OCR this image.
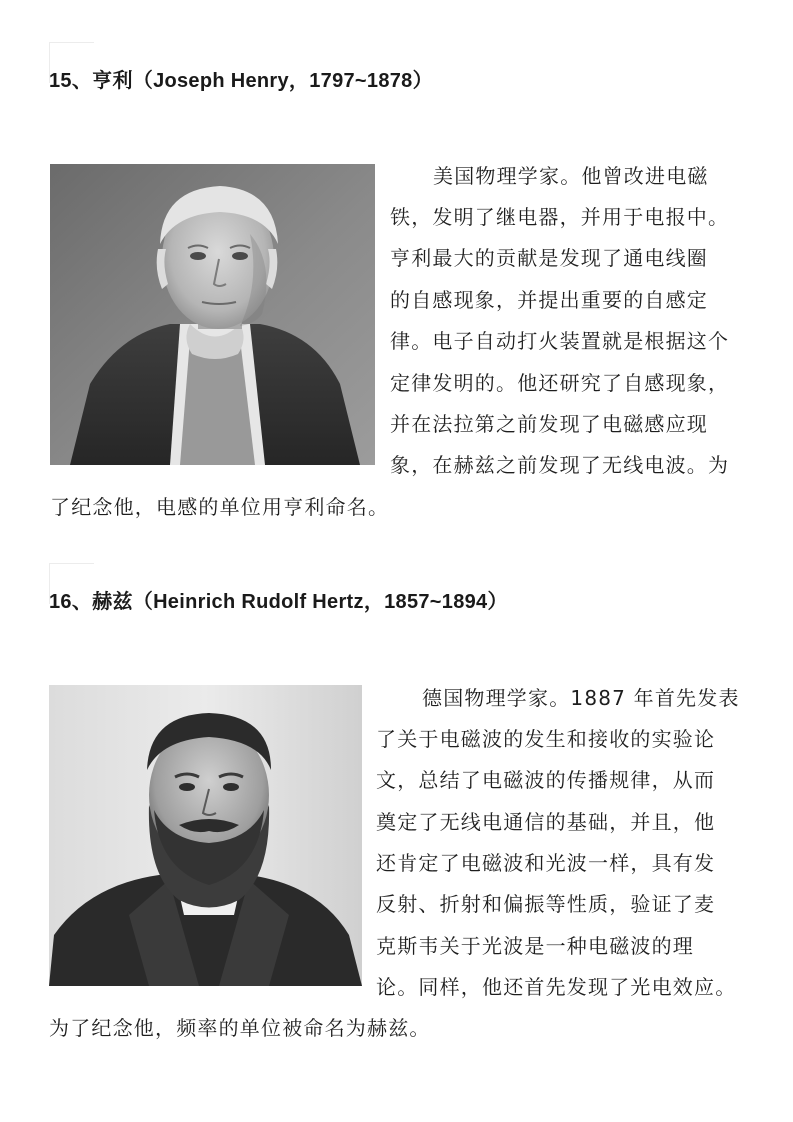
15、亨利（Joseph Henry，1797~1878）
美国物理学家。他曾改进电磁
铁，发明了继电器，并用于电报中。
亨利最大的贡献是发现了通电线圈
的自感现象，并提出重要的自感定
律。电子自动打火装置就是根据这个
定律发明的。他还研究了自感现象，
并在法拉第之前发现了电磁感应现
象，在赫兹之前发现了无线电波。为
了纪念他，电感的单位用亨利命名。
16、赫兹（Heinrich Rudolf Hertz，1857~1894）
德国物理学家。1887 年首先发表
了关于电磁波的发生和接收的实验论
文，总结了电磁波的传播规律，从而
奠定了无线电通信的基础，并且，他
还肯定了电磁波和光波一样，具有发
反射、折射和偏振等性质，验证了麦
克斯韦关于光波是一种电磁波的理
论。同样，他还首先发现了光电效应。
为了纪念他，频率的单位被命名为赫兹。
